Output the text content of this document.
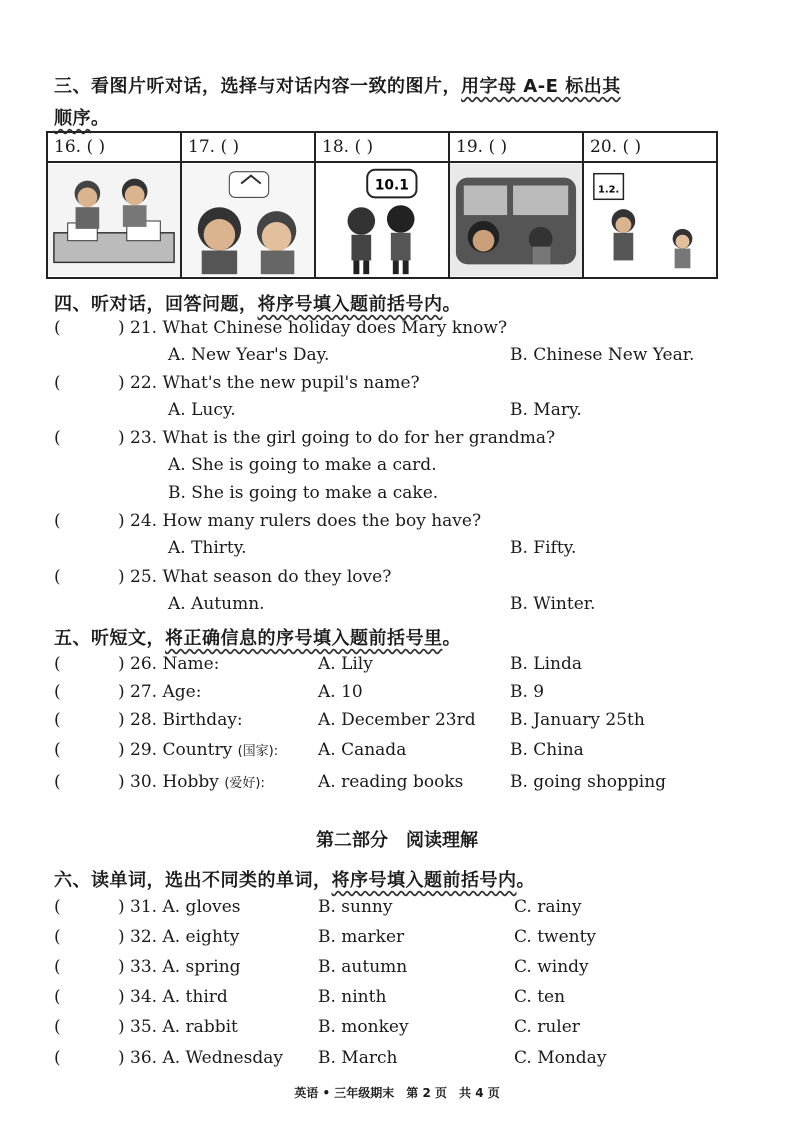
三、看图片听对话，选择与对话内容一致的图片，用字母 A-E 标出其
顺序。
16. ( )	17. ( )	18. ( )	19. ( )	20. ( )

10.1		1.2.
四、听对话，回答问题，将序号填入题前括号内。
(	) 21. What Chinese holiday does Mary know?
A. New Year's Day.	B. Chinese New Year.
(	) 22. What's the new pupil's name?
A. Lucy.	B. Mary.
(	) 23. What is the girl going to do for her grandma?
A. She is going to make a card.
B. She is going to make a cake.
(	) 24. How many rulers does the boy have?
A. Thirty.	B. Fifty.
(	) 25. What season do they love?
A. Autumn.	B. Winter.
五、听短文，将正确信息的序号填入题前括号里。
(	) 26. Name:	A. Lily	B. Linda
(	) 27. Age:	A. 10	B. 9
(	) 28. Birthday:	A. December 23rd B. January 25th
(	) 29. Country (国家): A. Canada	B. China
(	) 30. Hobby (爱好):	A. reading books	B. going shopping
第二部分　阅读理解
六、读单词，选出不同类的单词，将序号填入题前括号内。
(	) 31. A. gloves	B. sunny	C. rainy
(	) 32. A. eighty	B. marker	C. twenty
(	) 33. A. spring	B. autumn	C. windy
(	) 34. A. third	B. ninth	C. ten
(	) 35. A. rabbit	B. monkey	C. ruler
(	) 36. A. Wednesday B. March	C. Monday
英语 • 三年级期末　第 2 页　共 4 页
